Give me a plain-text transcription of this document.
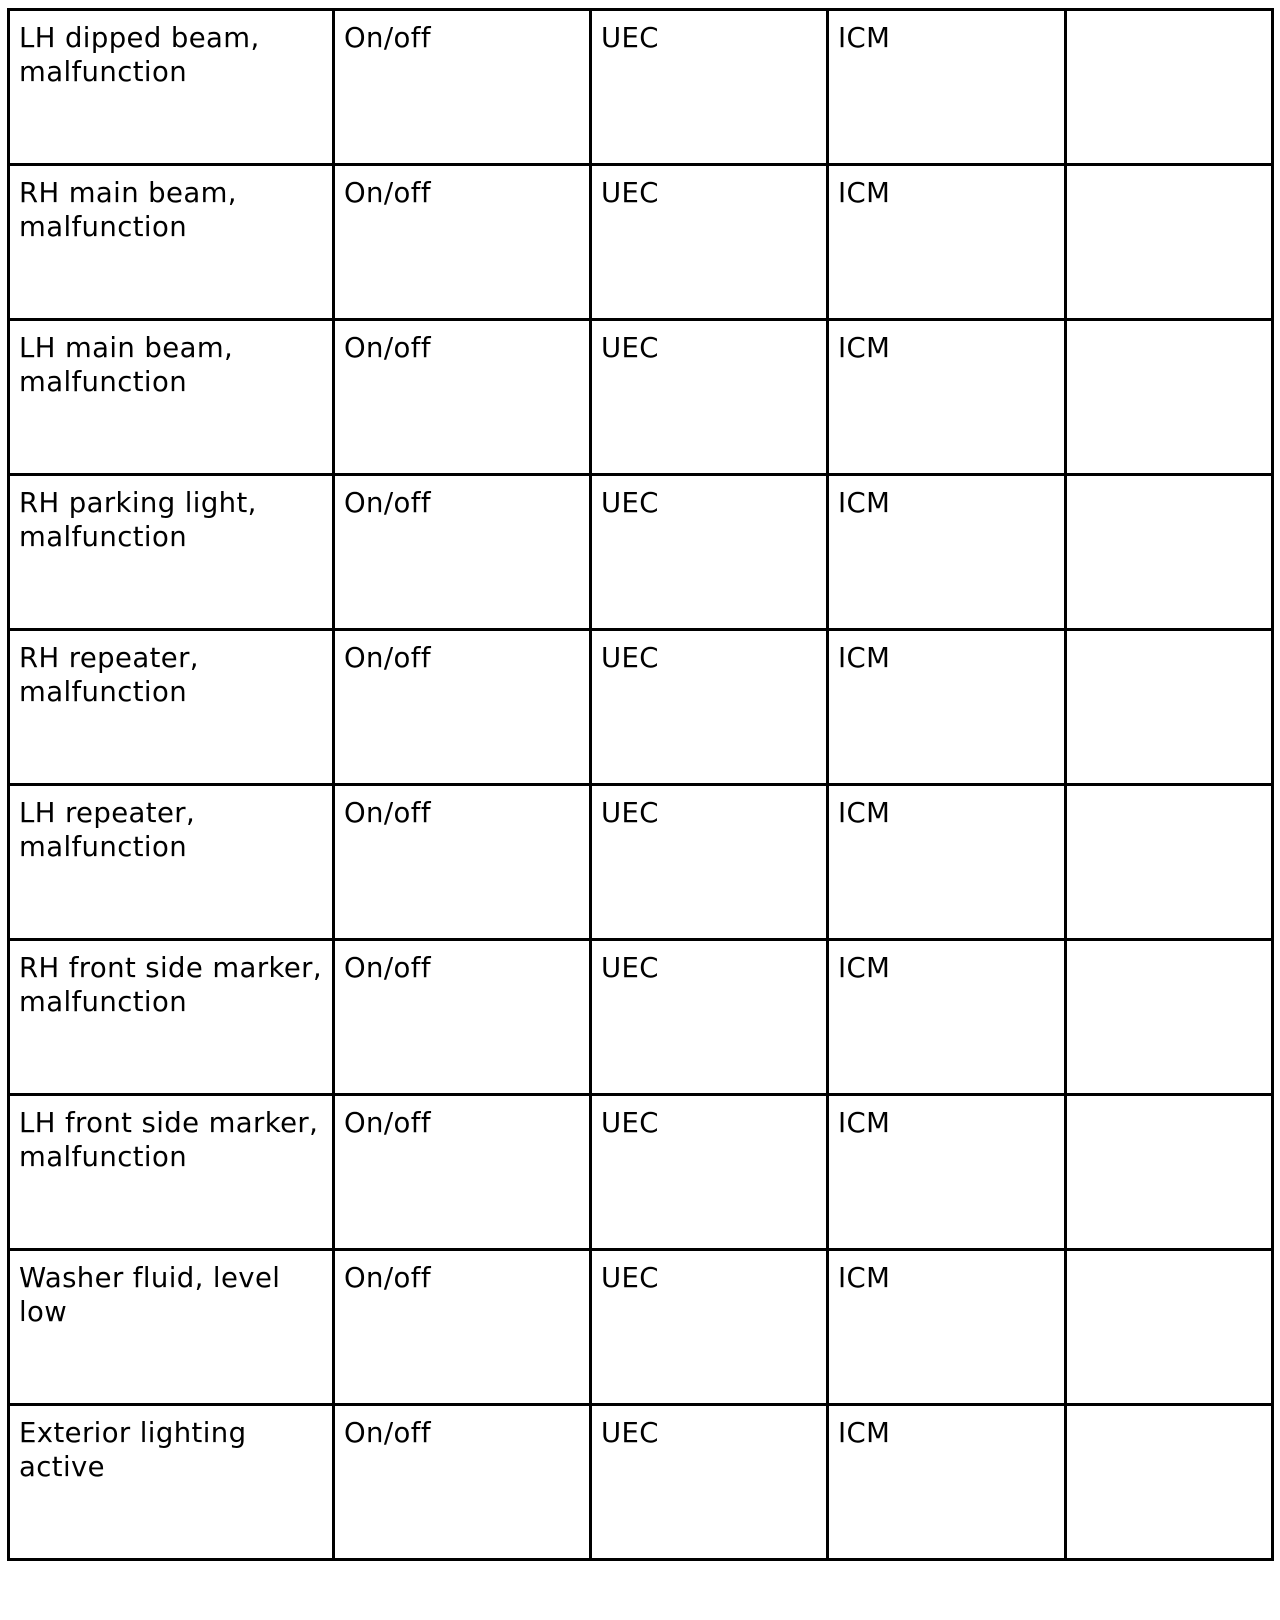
LH dipped beam, malfunction	On/off	UEC	ICM	
RH main beam, malfunction	On/off	UEC	ICM	
LH main beam, malfunction	On/off	UEC	ICM	
RH parking light, malfunction	On/off	UEC	ICM	
RH repeater, malfunction	On/off	UEC	ICM	
LH repeater, malfunction	On/off	UEC	ICM	
RH front side marker, malfunction	On/off	UEC	ICM	
LH front side marker, malfunction	On/off	UEC	ICM	
Washer fluid, level low	On/off	UEC	ICM	
Exterior lighting active	On/off	UEC	ICM	
